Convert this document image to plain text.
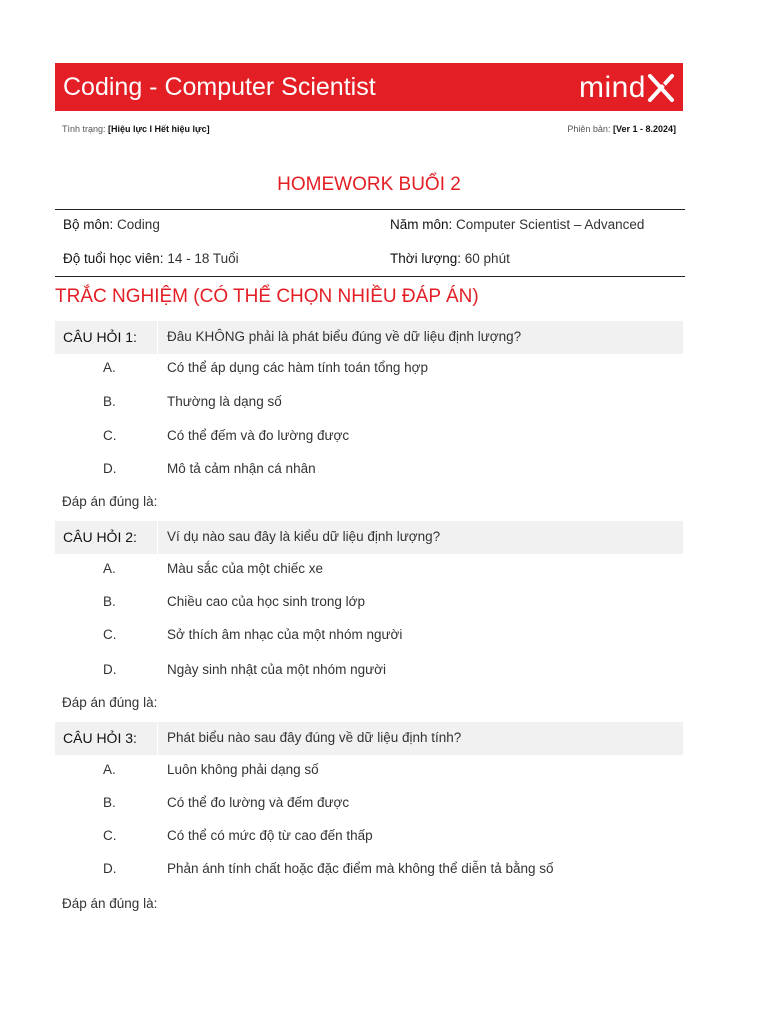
Coding - Computer Scientist	mind
Tình trạng: [Hiệu lực I Hết hiệu lực]	Phiên bản: [Ver 1 - 8.2024]
HOMEWORK BUỔI 2
Bộ môn: Coding	Năm môn: Computer Scientist – Advanced
Độ tuổi học viên: 14 - 18 Tuổi	Thời lượng: 60 phút
TRẮC NGHIỆM (CÓ THỂ CHỌN NHIỀU ĐÁP ÁN)
CÂU HỎI 1: Đâu KHÔNG phải là phát biểu đúng về dữ liệu định lượng?
A.	Có thể áp dụng các hàm tính toán tổng hợp
B.	Thường là dạng số
C.	Có thể đếm và đo lường được
D.	Mô tả cảm nhận cá nhân
Đáp án đúng là:
CÂU HỎI 2: Ví dụ nào sau đây là kiểu dữ liệu định lượng?
A.	Màu sắc của một chiếc xe
B.	Chiều cao của học sinh trong lớp
C.	Sở thích âm nhạc của một nhóm người
D.	Ngày sinh nhật của một nhóm người
Đáp án đúng là:
CÂU HỎI 3: Phát biểu nào sau đây đúng về dữ liệu định tính?
A.	Luôn không phải dạng số
B.	Có thể đo lường và đếm được
C.	Có thể có mức độ từ cao đến thấp
D.	Phản ánh tính chất hoặc đặc điểm mà không thể diễn tả bằng số
Đáp án đúng là:
